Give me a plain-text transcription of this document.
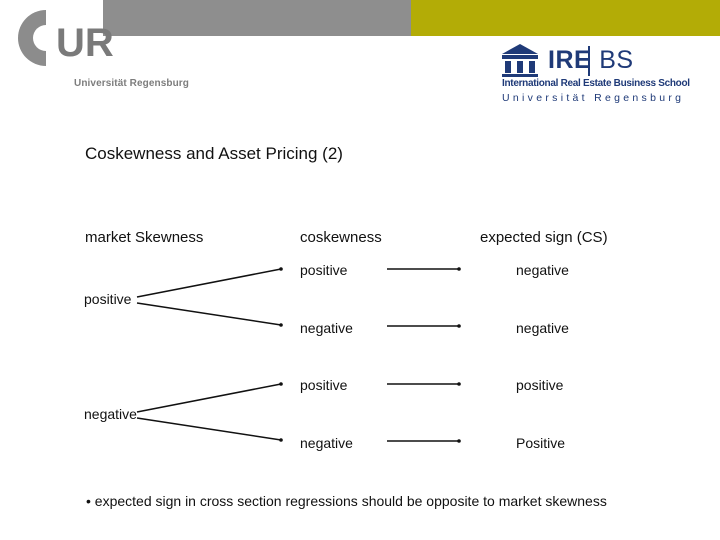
UR
Universität Regensburg
IRE BS
International Real Estate Business School
Universität Regensburg
Coskewness and Asset Pricing (2)
market Skewness	coskewness	expected sign (CS)
positive
negative
positive
negative
positive
negative
negative
negative
positive
Positive
• expected sign in cross section regressions should be opposite to market skewness
